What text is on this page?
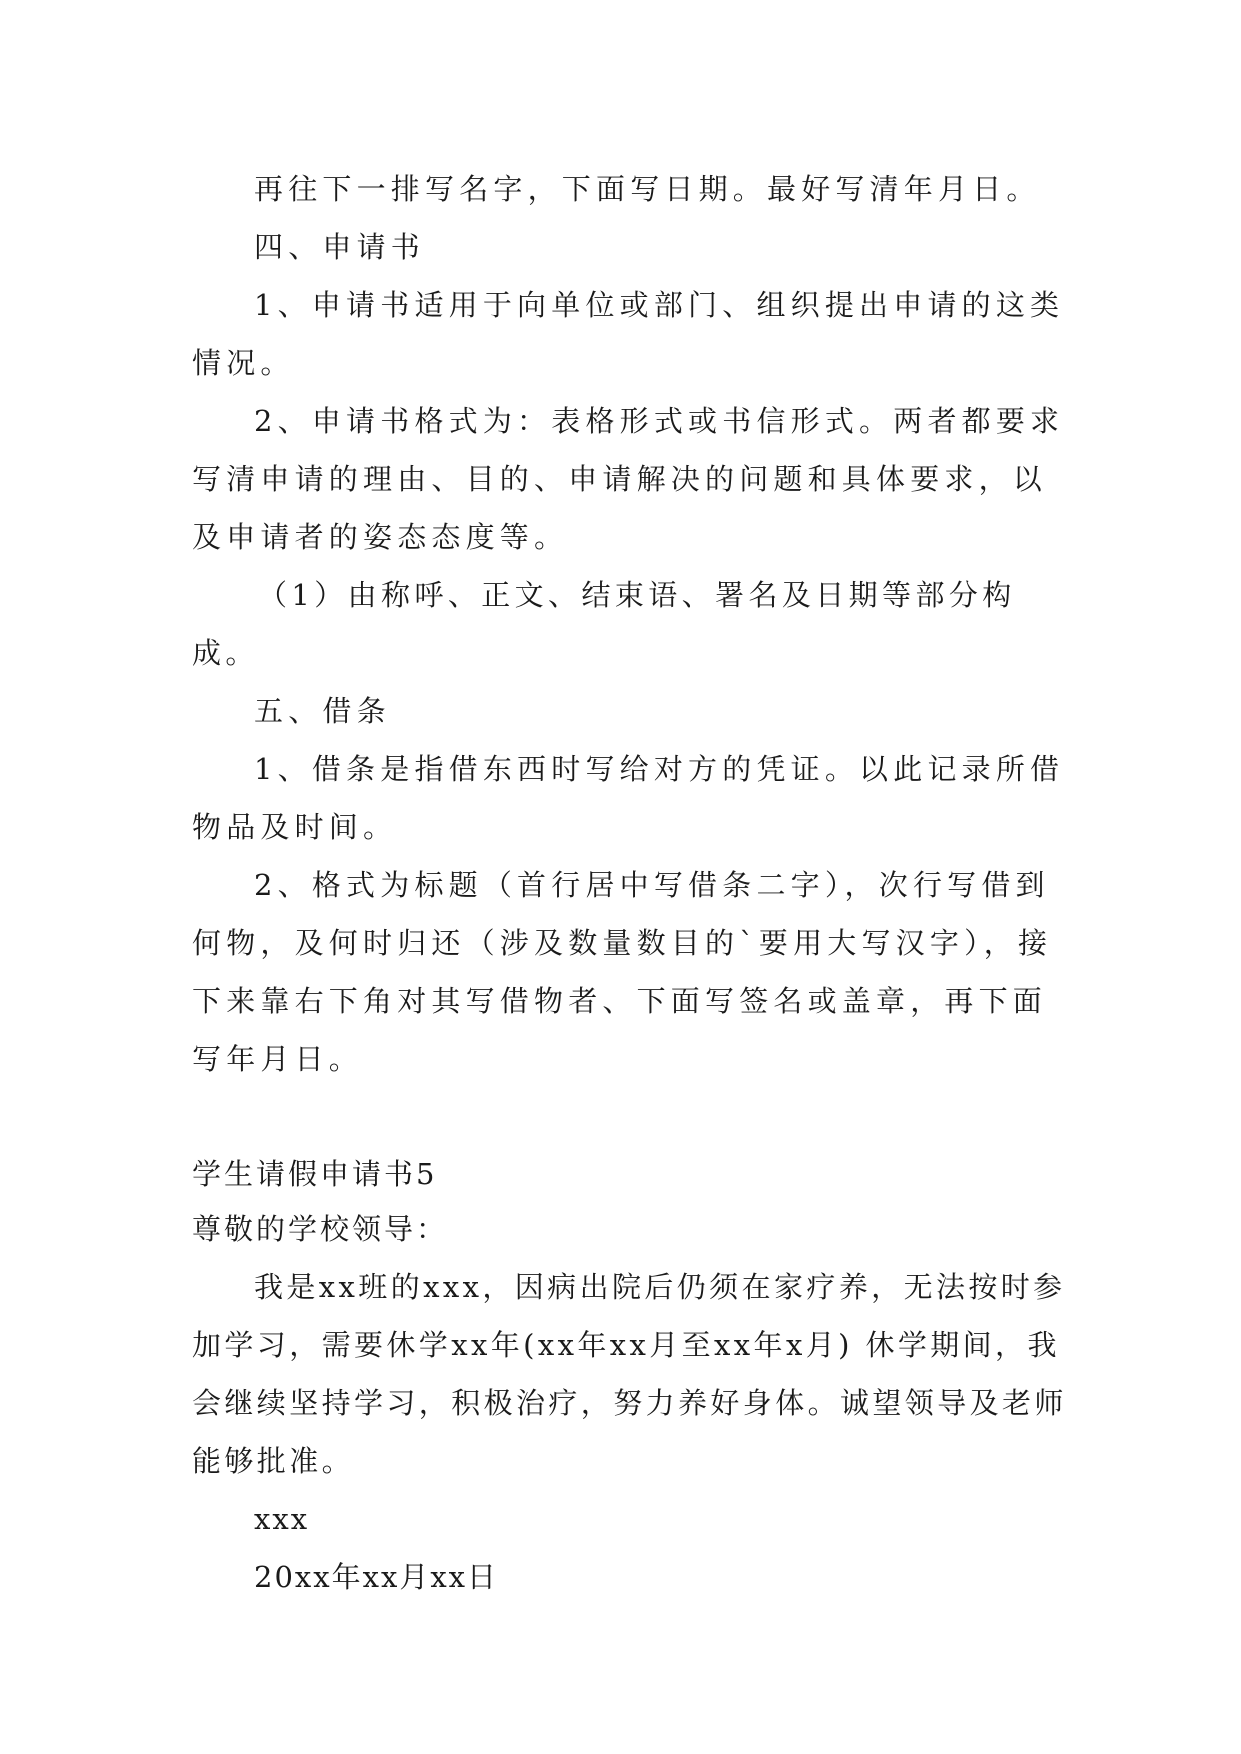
再往下一排写名字，下面写日期。最好写清年月日。

四、申请书

1、申请书适用于向单位或部门、组织提出申请的这类情况。

2、申请书格式为：表格形式或书信形式。两者都要求写清申请的理由、目的、申请解决的问题和具体要求，以及申请者的姿态态度等。

（1）由称呼、正文、结束语、署名及日期等部分构成。

五、借条

1、借条是指借东西时写给对方的凭证。以此记录所借物品及时间。

2、格式为标题（首行居中写借条二字），次行写借到何物，及何时归还（涉及数量数目的`要用大写汉字），接下来靠右下角对其写借物者、下面写签名或盖章，再下面写年月日。

学生请假申请书5

尊敬的学校领导：

我是xx班的xxx，因病出院后仍须在家疗养，无法按时参加学习，需要休学xx年(xx年xx月至xx年x月) 休学期间，我会继续坚持学习，积极治疗，努力养好身体。诚望领导及老师能够批准。

xxx

20xx年xx月xx日
